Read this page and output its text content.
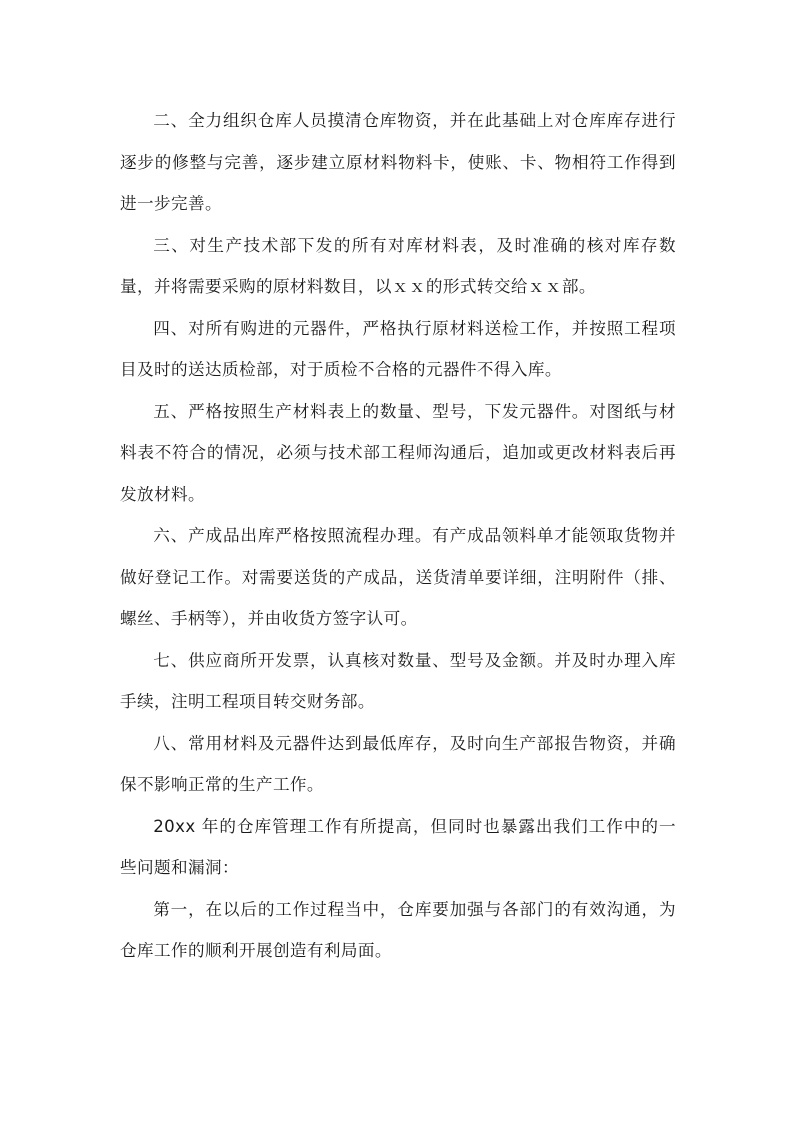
二、全力组织仓库人员摸清仓库物资，并在此基础上对仓库库存进行逐步的修整与完善，逐步建立原材料物料卡，使账、卡、物相符工作得到进一步完善。

三、对生产技术部下发的所有对库材料表，及时准确的核对库存数量，并将需要采购的原材料数目，以ｘｘ的形式转交给ｘｘ部。

四、对所有购进的元器件，严格执行原材料送检工作，并按照工程项目及时的送达质检部，对于质检不合格的元器件不得入库。

五、严格按照生产材料表上的数量、型号，下发元器件。对图纸与材料表不符合的情况，必须与技术部工程师沟通后，追加或更改材料表后再发放材料。

六、产成品出库严格按照流程办理。有产成品领料单才能领取货物并做好登记工作。对需要送货的产成品，送货清单要详细，注明附件（排、螺丝、手柄等），并由收货方签字认可。

七、供应商所开发票，认真核对数量、型号及金额。并及时办理入库手续，注明工程项目转交财务部。

八、常用材料及元器件达到最低库存，及时向生产部报告物资，并确保不影响正常的生产工作。

20xx 年的仓库管理工作有所提高，但同时也暴露出我们工作中的一些问题和漏洞：

第一，在以后的工作过程当中，仓库要加强与各部门的有效沟通，为仓库工作的顺利开展创造有利局面。
